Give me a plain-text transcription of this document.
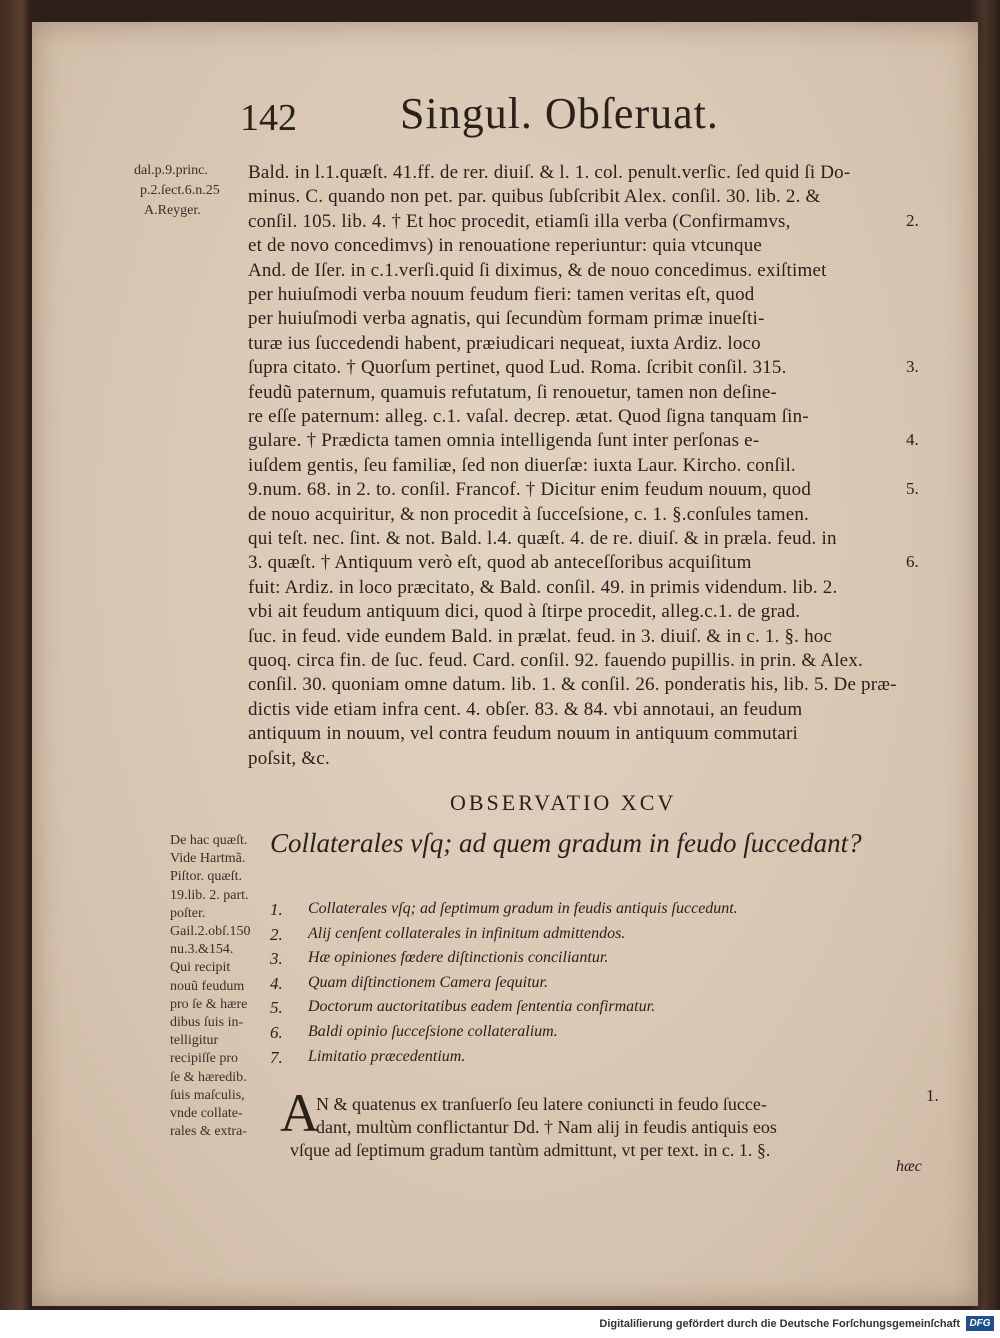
142 Singul. Obſeruat.
dal.p.9.princ.
p.2.ſect.6.n.25
A.Reyger.
Bald. in l.1.quæſt. 41.ff. de rer. diuiſ. & l. 1. col. penult.verſic. ſed quid ſi Do-
minus. C. quando non pet. par. quibus ſubſcribit Alex. conſil. 30. lib. 2. &
conſil. 105. lib. 4. † Et hoc procedit, etiamſi illa verba (Confirmamvs,
et de novo concedimvs) in renouatione reperiuntur: quia vtcunque
And. de Iſer. in c.1.verſi.quid ſi diximus, & de nouo concedimus. exiſtimet
per huiuſmodi verba nouum feudum fieri: tamen veritas eſt, quod
per huiuſmodi verba agnatis, qui ſecundùm formam primæ inueſti-
turæ ius ſuccedendi habent, præiudicari nequeat, iuxta Ardiz. loco
ſupra citato. † Quorſum pertinet, quod Lud. Roma. ſcribit conſil. 315.
feudũ paternum, quamuis refutatum, ſi renouetur, tamen non deſine-
re eſſe paternum: alleg. c.1. vaſal. decrep. ætat. Quod ſigna tanquam ſin-
gulare. † Prædicta tamen omnia intelligenda ſunt inter perſonas e-
iuſdem gentis, ſeu familiæ, ſed non diuerſæ: iuxta Laur. Kircho. conſil.
9.num. 68. in 2. to. conſil. Francof. † Dicitur enim feudum nouum, quod
de nouo acquiritur, & non procedit à ſucceſsione, c. 1. §.conſules tamen.
qui teſt. nec. ſint. & not. Bald. l.4. quæſt. 4. de re. diuiſ. & in præla. feud. in
3. quæſt. † Antiquum verò eſt, quod ab anteceſſoribus acquiſitum
fuit: Ardiz. in loco præcitato, & Bald. conſil. 49. in primis videndum. lib. 2.
vbi ait feudum antiquum dici, quod à ſtirpe procedit, alleg.c.1. de grad.
ſuc. in feud. vide eundem Bald. in prælat. feud. in 3. diuiſ. & in c. 1. §. hoc
quoq. circa fin. de ſuc. feud. Card. conſil. 92. fauendo pupillis. in prin. & Alex.
conſil. 30. quoniam omne datum. lib. 1. & conſil. 26. ponderatis his, lib. 5. De præ-
dictis vide etiam infra cent. 4. obſer. 83. & 84. vbi annotaui, an feudum
antiquum in nouum, vel contra feudum nouum in antiquum commutari
poſsit, &c.
2.
3.
4.
5.
6.
OBSERVATIO XCV
Collaterales vſq; ad quem gradum in feudo ſuccedant?
De hac quæſt.
Vide Hartmã.
Piſtor. quæſt.
19.lib. 2. part.
poſter.
Gail.2.obſ.150
nu.3.&154.
Qui recipit
nouũ feudum
pro ſe & hære
dibus ſuis in-
telligitur
recipiſſe pro
ſe & hæredib.
ſuis maſculis,
vnde collate-
rales & extra-
1. Collaterales vſq; ad ſeptimum gradum in feudis antiquis ſuccedunt.
2. Alij cenſent collaterales in infinitum admittendos.
3. Hæ opiniones fœdere diſtinctionis conciliantur.
4. Quam diſtinctionem Camera ſequitur.
5. Doctorum auctoritatibus eadem ſententia confirmatur.
6. Baldi opinio ſucceſsione collateralium.
7. Limitatio præcedentium.
A
N & quatenus ex tranſuerſo ſeu latere coniuncti in feudo ſucce-
dant, multùm conflictantur Dd. † Nam alij in feudis antiquis eos
vſque ad ſeptimum gradum tantùm admittunt, vt per text. in c. 1. §.
1.
hæc
Digitaliſierung gefördert durch die Deutsche Forſchungsgemeinſchaft DFG
